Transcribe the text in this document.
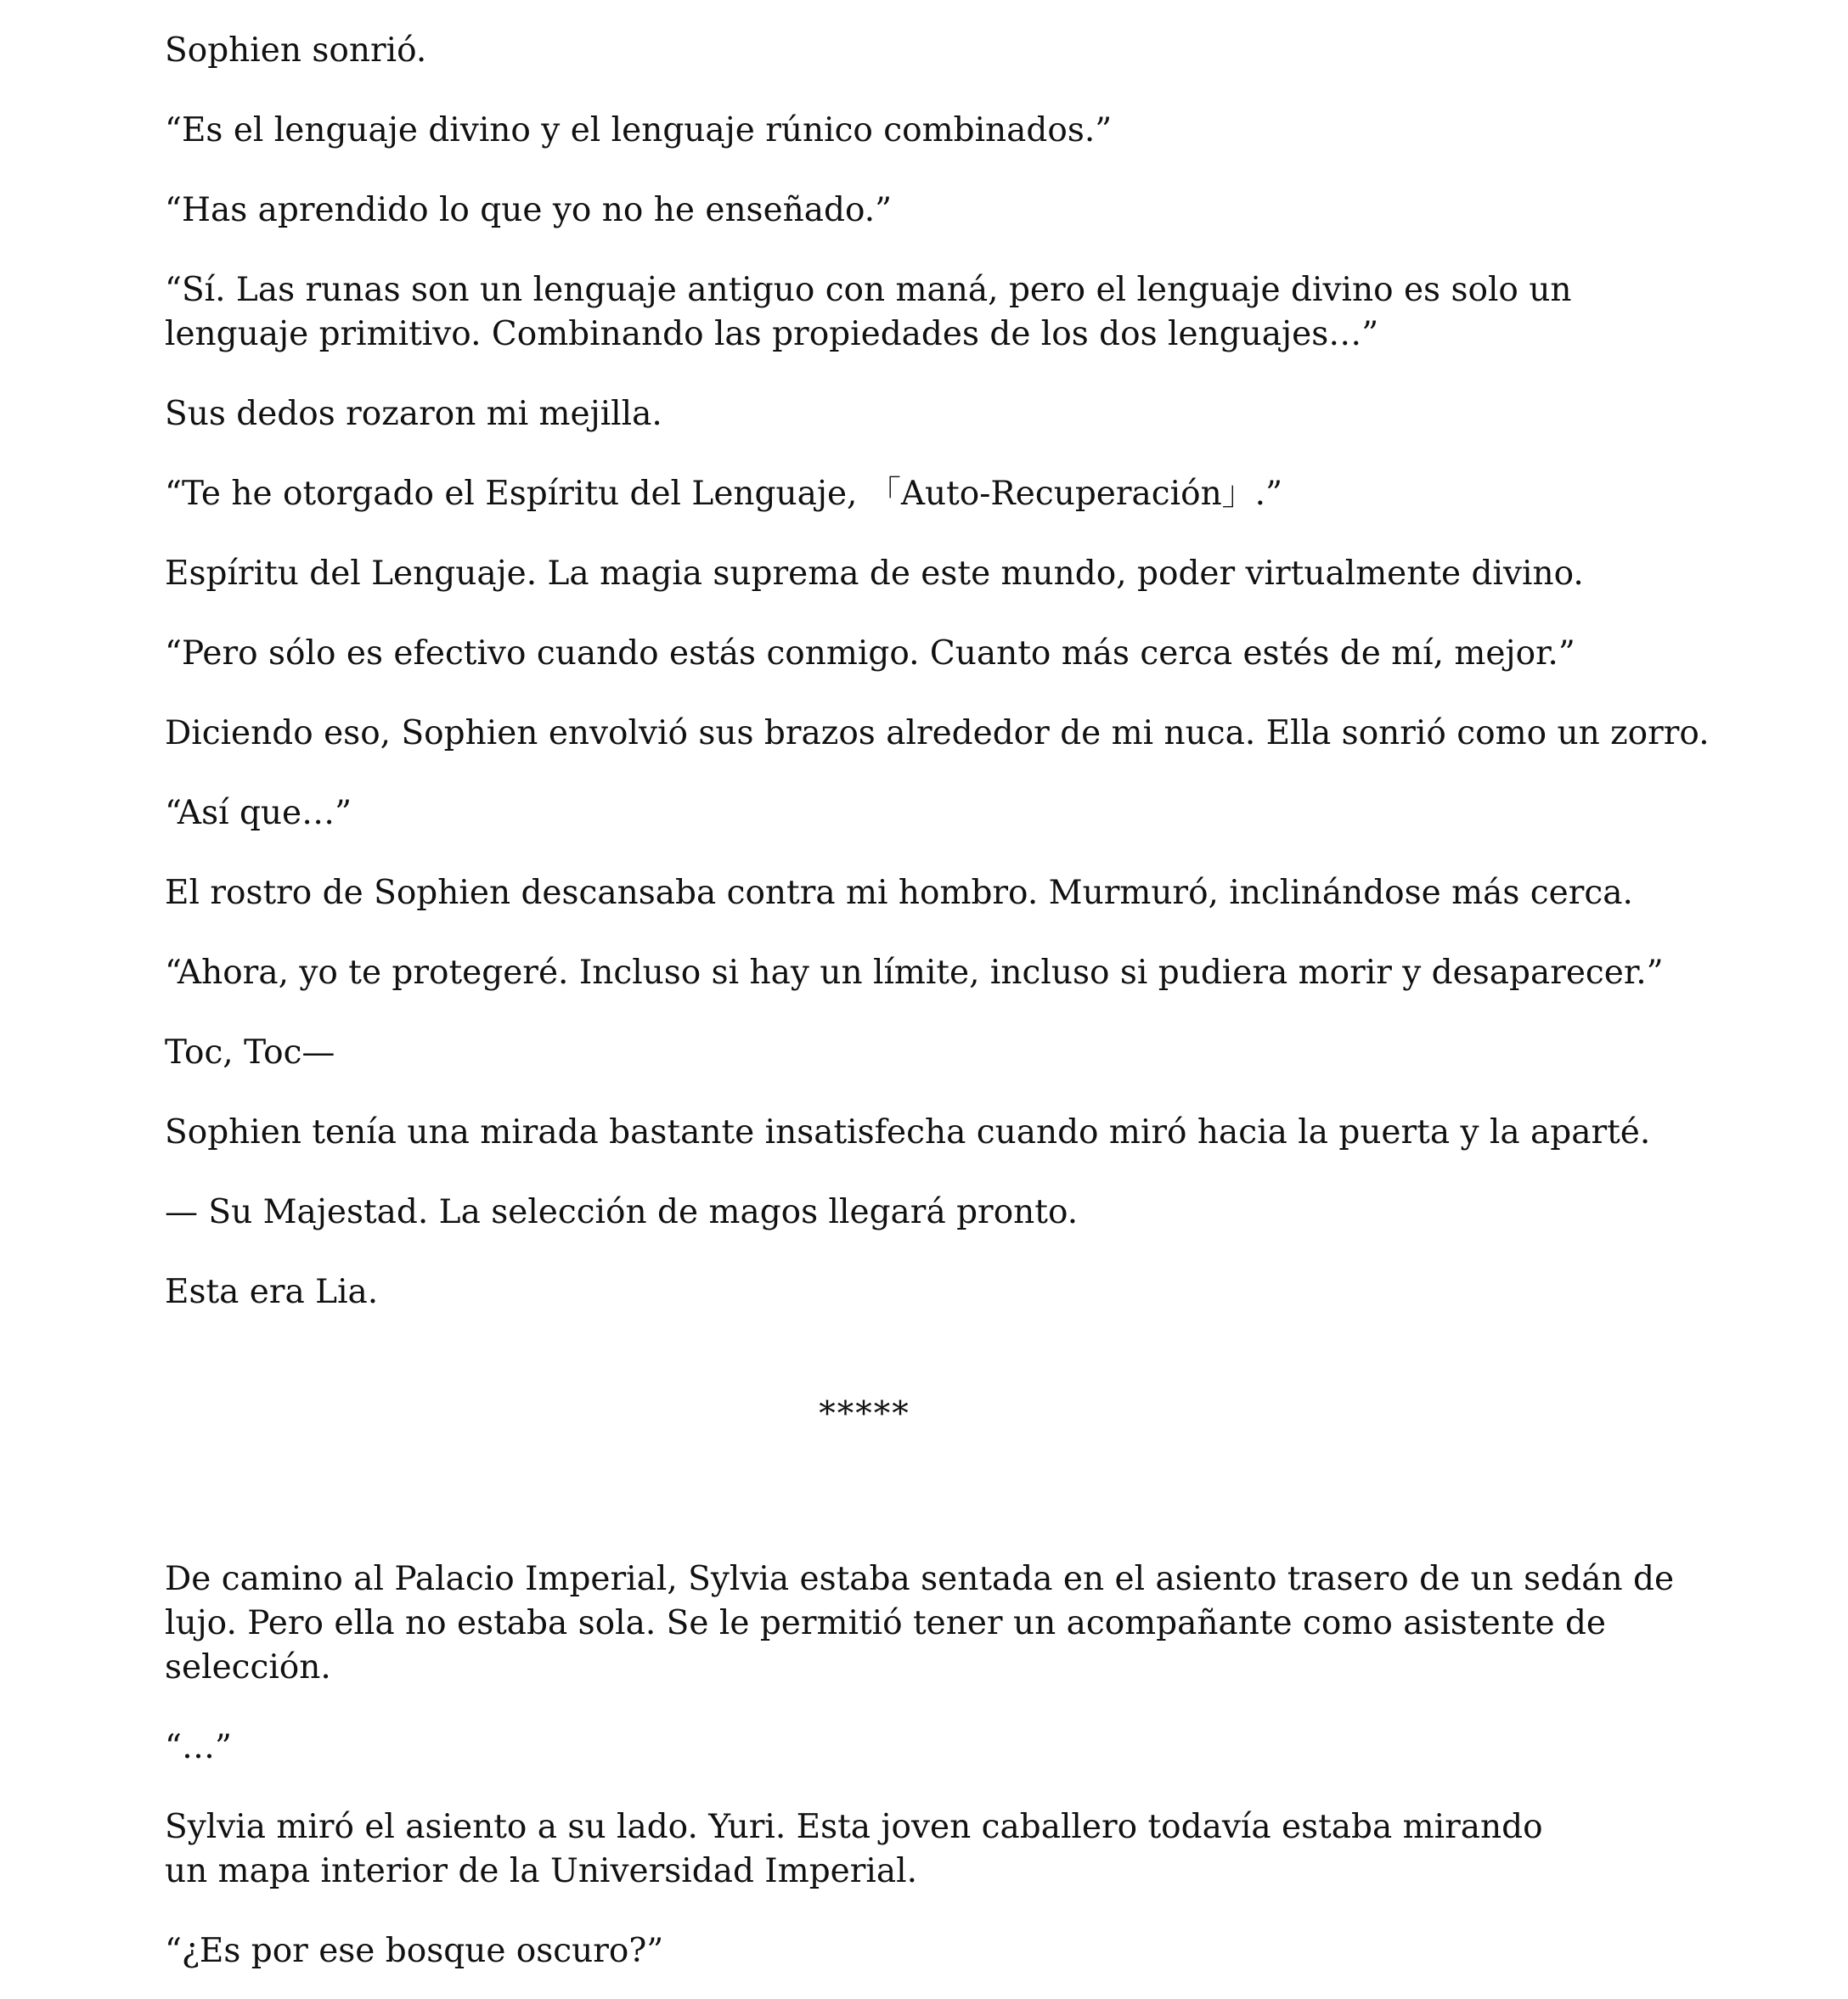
Sophien sonrió.

“Es el lenguaje divino y el lenguaje rúnico combinados.”

“Has aprendido lo que yo no he enseñado.”

“Sí. Las runas son un lenguaje antiguo con maná, pero el lenguaje divino es solo un lenguaje primitivo. Combinando las propiedades de los dos lenguajes…”

Sus dedos rozaron mi mejilla.

“Te he otorgado el Espíritu del Lenguaje, 「Auto-Recuperación」.”

Espíritu del Lenguaje. La magia suprema de este mundo, poder virtualmente divino.

“Pero sólo es efectivo cuando estás conmigo. Cuanto más cerca estés de mí, mejor.”

Diciendo eso, Sophien envolvió sus brazos alrededor de mi nuca. Ella sonrió como un zorro.

“Así que…”

El rostro de Sophien descansaba contra mi hombro. Murmuró, inclinándose más cerca.

“Ahora, yo te protegeré. Incluso si hay un límite, incluso si pudiera morir y desaparecer.”

Toc, Toc—

Sophien tenía una mirada bastante insatisfecha cuando miró hacia la puerta y la aparté.

— Su Majestad. La selección de magos llegará pronto.

Esta era Lia.

*****

De camino al Palacio Imperial, Sylvia estaba sentada en el asiento trasero de un sedán de lujo. Pero ella no estaba sola. Se le permitió tener un acompañante como asistente de selección.

“…”

Sylvia miró el asiento a su lado. Yuri. Esta joven caballero todavía estaba mirando un mapa interior de la Universidad Imperial.

“¿Es por ese bosque oscuro?”
